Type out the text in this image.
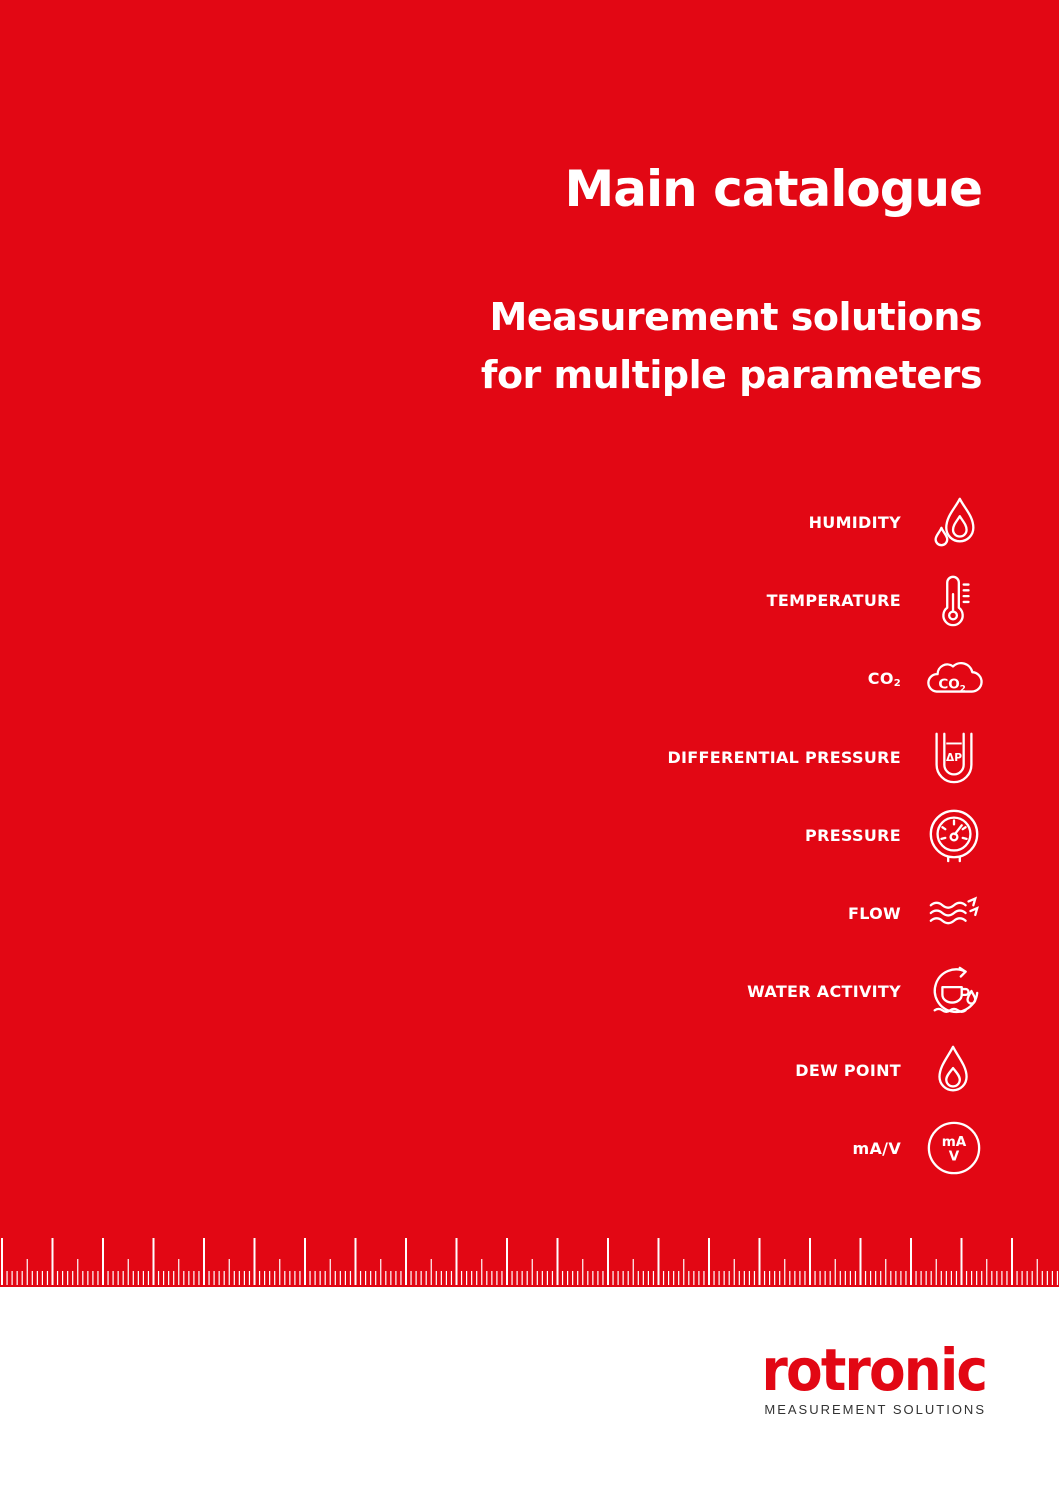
Main catalogue
Measurement solutions
for multiple parameters
HUMIDITY
TEMPERATURE
$CO_2$	$CO_2$
DIFFERENTIAL PRESSURE	ΔP
PRESSURE
FLOW
WATER ACTIVITY
DEW POINT
mA/V	mA
V
rotronic
MEASUREMENT SOLUTIONS
